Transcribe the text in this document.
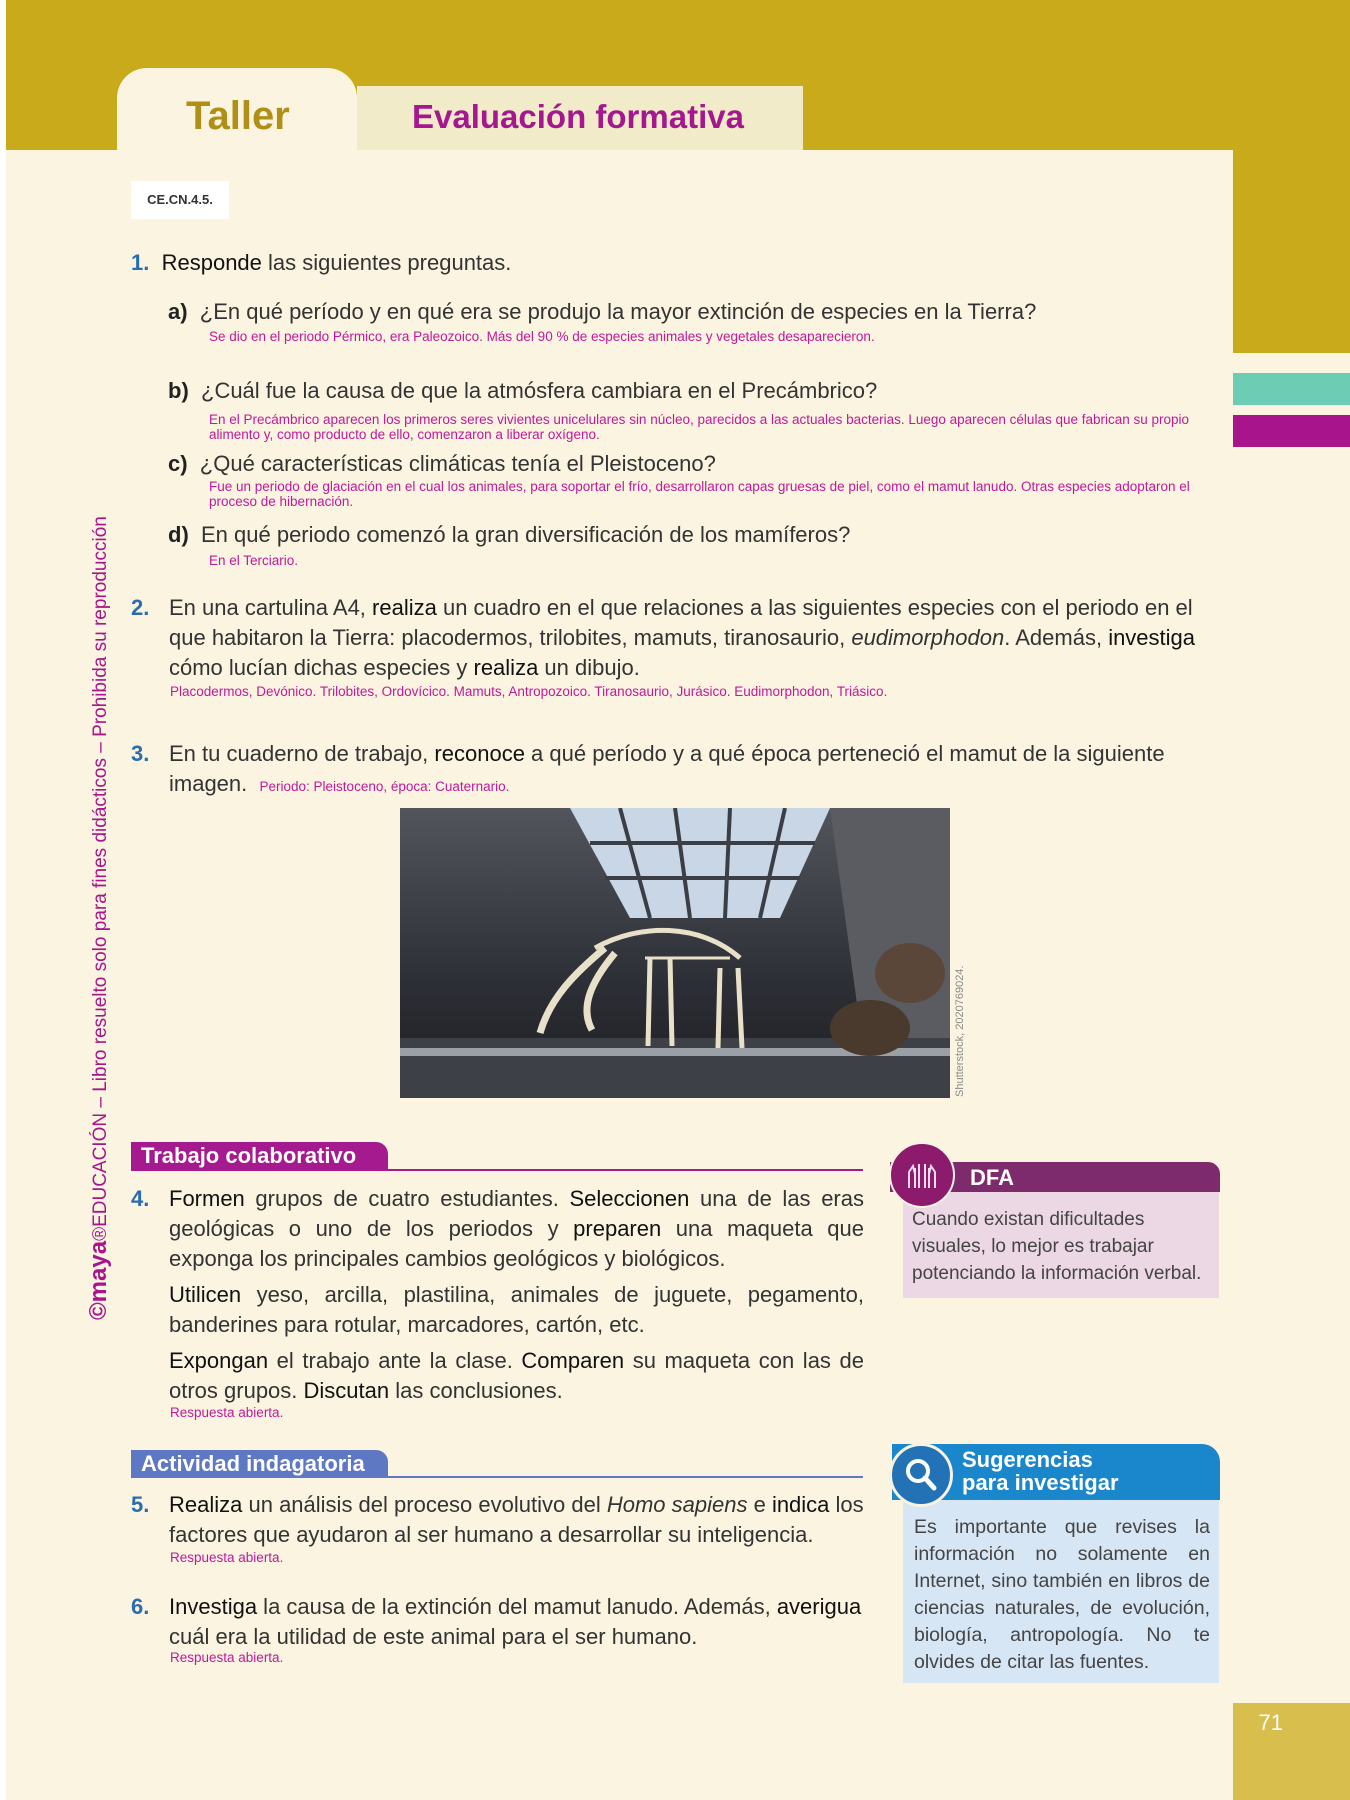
71
Taller	Evaluación formativa
CE.CN.4.5.
©maya®EDUCACIÓN – Libro resuelto solo para fines didácticos – Prohibida su reproducción
1. Responde las siguientes preguntas.
a) ¿En qué período y en qué era se produjo la mayor extinción de especies en la Tierra?
Se dio en el periodo Pérmico, era Paleozoico. Más del 90 % de especies animales y vegetales desaparecieron.
b) ¿Cuál fue la causa de que la atmósfera cambiara en el Precámbrico?
En el Precámbrico aparecen los primeros seres vivientes unicelulares sin núcleo, parecidos a las actuales bacterias. Luego aparecen células que fabrican su propio alimento y, como producto de ello, comenzaron a liberar oxígeno.
c) ¿Qué características climáticas tenía el Pleistoceno?
Fue un periodo de glaciación en el cual los animales, para soportar el frío, desarrollaron capas gruesas de piel, como el mamut lanudo. Otras especies adoptaron el proceso de hibernación.
d) En qué periodo comenzó la gran diversificación de los mamíferos?
En el Terciario.
2. En una cartulina A4, realiza un cuadro en el que relaciones a las siguientes especies con el periodo en el que habitaron la Tierra: placodermos, trilobites, mamuts, tiranosaurio, eudimorphodon. Además, investiga cómo lucían dichas especies y realiza un dibujo.
Placodermos, Devónico. Trilobites, Ordovícico. Mamuts, Antropozoico. Tiranosaurio, Jurásico. Eudimorphodon, Triásico.
3. En tu cuaderno de trabajo, reconoce a qué período y a qué época perteneció el mamut de la siguiente imagen. Periodo: Pleistoceno, época: Cuaternario.
Shutterstock, 2020769024.
Trabajo colaborativo
4. Formen grupos de cuatro estudiantes. Seleccionen una de las eras geológicas o uno de los periodos y preparen una maqueta que exponga los principales cambios geológicos y biológicos.
Utilicen yeso, arcilla, plastilina, animales de juguete, pegamento, banderines para rotular, marcadores, cartón, etc.
Expongan el trabajo ante la clase. Comparen su maqueta con las de otros grupos. Discutan las conclusiones.
Respuesta abierta.
Actividad indagatoria
5. Realiza un análisis del proceso evolutivo del Homo sapiens e indica los factores que ayudaron al ser humano a desarrollar su inteligencia.
Respuesta abierta.
6. Investiga la causa de la extinción del mamut lanudo. Además, averigua cuál era la utilidad de este animal para el ser humano.
Respuesta abierta.
DFA
Cuando existan dificultades visuales, lo mejor es trabajar potenciando la información verbal.
Sugerencias
para investigar
Es importante que revises la información no solamente en Internet, sino también en libros de ciencias naturales, de evolución, biología, antropología. No te olvides de citar las fuentes.
